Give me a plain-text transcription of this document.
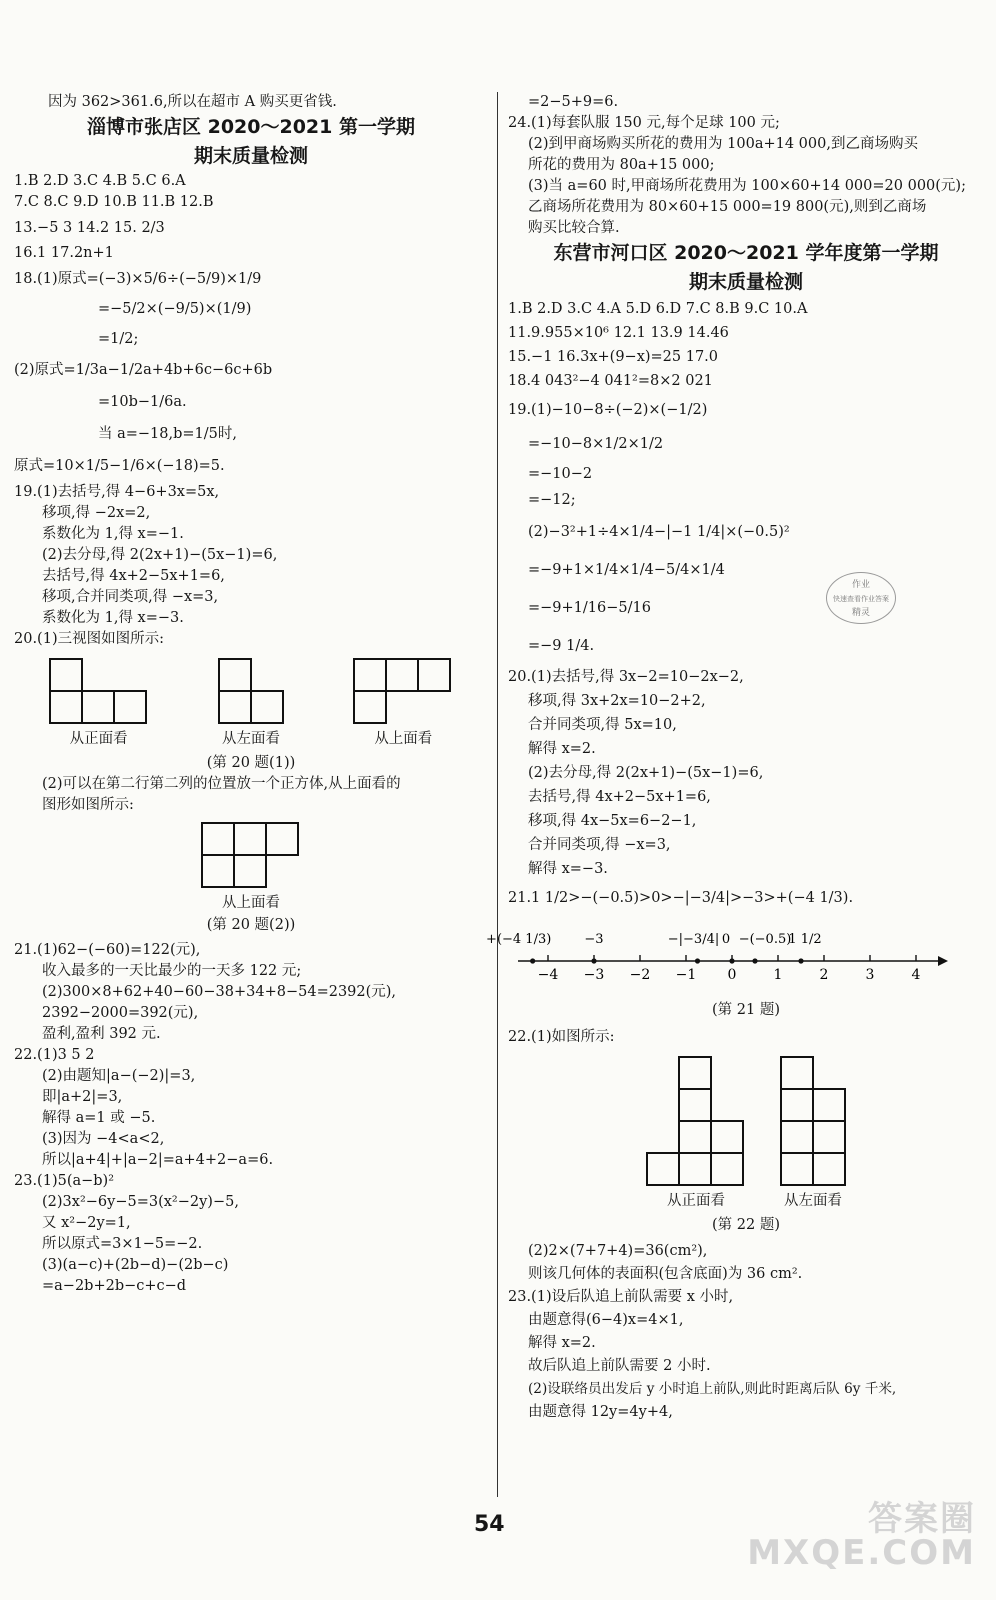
因为 362>361.6,所以在超市 A 购买更省钱.
淄博市张店区 2020～2021 第一学期
期末质量检测
1.B 2.D 3.C 4.B 5.C 6.A
7.C 8.C 9.D 10.B 11.B 12.B
13.−5 3 14.2 15. 2/3
16.1 17.2n+1
18.(1)原式=(−3)×5/6÷(−5/9)×1/9
=−5/2×(−9/5)×(1/9)
=1/2;
(2)原式=1/3a−1/2a+4b+6c−6c+6b
=10b−1/6a.
当 a=−18,b=1/5时,
原式=10×1/5−1/6×(−18)=5.
19.(1)去括号,得 4−6+3x=5x,
移项,得 −2x=2,
系数化为 1,得 x=−1.
(2)去分母,得 2(2x+1)−(5x−1)=6,
去括号,得 4x+2−5x+1=6,
移项,合并同类项,得 −x=3,
系数化为 1,得 x=−3.
20.(1)三视图如图所示:
从正面看	从左面看	从上面看
(第 20 题(1))
(2)可以在第二行第二列的位置放一个正方体,从上面看的
图形如图所示:
从上面看
(第 20 题(2))
21.(1)62−(−60)=122(元),
收入最多的一天比最少的一天多 122 元;
(2)300×8+62+40−60−38+34+8−54=2392(元),
2392−2000=392(元),
盈利,盈利 392 元.
22.(1)3 5 2
(2)由题知|a−(−2)|=3,
即|a+2|=3,
解得 a=1 或 −5.
(3)因为 −4<a<2,
所以|a+4|+|a−2|=a+4+2−a=6.
23.(1)5(a−b)²
(2)3x²−6y−5=3(x²−2y)−5,
又 x²−2y=1,
所以原式=3×1−5=−2.
(3)(a−c)+(2b−d)−(2b−c)
=a−2b+2b−c+c−d
=2−5+9=6.
24.(1)每套队服 150 元,每个足球 100 元;
(2)到甲商场购买所花的费用为 100a+14 000,到乙商场购买
所花的费用为 80a+15 000;
(3)当 a=60 时,甲商场所花费用为 100×60+14 000=20 000(元);
乙商场所花费用为 80×60+15 000=19 800(元),则到乙商场
购买比较合算.
东营市河口区 2020～2021 学年度第一学期
期末质量检测
1.B 2.D 3.C 4.A 5.D 6.D 7.C 8.B 9.C 10.A
11.9.955×10⁶ 12.1 13.9 14.46
15.−1 16.3x+(9−x)=25 17.0
18.4 043²−4 041²=8×2 021
19.(1)−10−8÷(−2)×(−1/2)
=−10−8×1/2×1/2
=−10−2
=−12;
(2)−3²+1÷4×1/4−|−1 1/4|×(−0.5)²
=−9+1×1/4×1/4−5/4×1/4
=−9+1/16−5/16
=−9 1/4.
20.(1)去括号,得 3x−2=10−2x−2,
移项,得 3x+2x=10−2+2,
合并同类项,得 5x=10,
解得 x=2.
(2)去分母,得 2(2x+1)−(5x−1)=6,
去括号,得 4x+2−5x+1=6,
移项,得 4x−5x=6−2−1,
合并同类项,得 −x=3,
解得 x=−3.
21.1 1/2>−(−0.5)>0>−|−3/4|>−3>+(−4 1/3).
−4 −3 −2 −1 0	1	2	3	4
+(−4 1/3)	−3	−|−3/4| 0 −(−0.5)
1 1/2
(第 21 题)
22.(1)如图所示:
从正面看	从左面看
(第 22 题)
(2)2×(7+7+4)=36(cm²),
则该几何体的表面积(包含底面)为 36 cm².
23.(1)设后队追上前队需要 x 小时,
由题意得(6−4)x=4×1,
解得 x=2.
故后队追上前队需要 2 小时.
(2)设联络员出发后 y 小时追上前队,则此时距离后队 6y 千米,
由题意得 12y=4y+4,
作业
快速查看作业答案
精灵
54	答案圈
MXQE.COM
